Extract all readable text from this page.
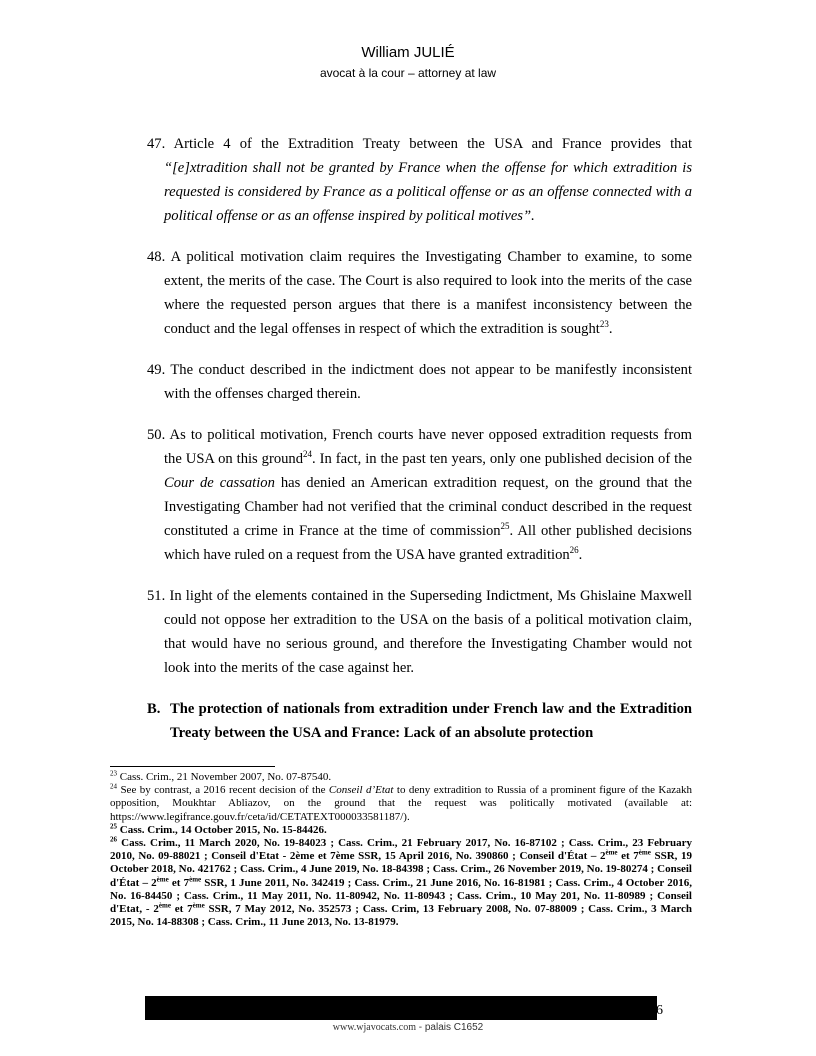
William JULIÉ
avocat à la cour – attorney at law

47. Article 4 of the Extradition Treaty between the USA and France provides that “[e]xtradition shall not be granted by France when the offense for which extradition is requested is considered by France as a political offense or as an offense connected with a political offense or as an offense inspired by political motives”.

48. A political motivation claim requires the Investigating Chamber to examine, to some extent, the merits of the case. The Court is also required to look into the merits of the case where the requested person argues that there is a manifest inconsistency between the conduct and the legal offenses in respect of which the extradition is sought$^{23}$.

49. The conduct described in the indictment does not appear to be manifestly inconsistent with the offenses charged therein.

50. As to political motivation, French courts have never opposed extradition requests from the USA on this ground$^{24}$. In fact, in the past ten years, only one published decision of the Cour de cassation has denied an American extradition request, on the ground that the Investigating Chamber had not verified that the criminal conduct described in the request constituted a crime in France at the time of commission$^{25}$. All other published decisions which have ruled on a request from the USA have granted extradition$^{26}$.

51. In light of the elements contained in the Superseding Indictment, Ms Ghislaine Maxwell could not oppose her extradition to the USA on the basis of a political motivation claim, that would have no serious ground, and therefore the Investigating Chamber would not look into the merits of the case against her.

B. The protection of nationals from extradition under French law and the Extradition Treaty between the USA and France: Lack of an absolute protection

$^{23}$ Cass. Crim., 21 November 2007, No. 07-87540.

$^{24}$ See by contrast, a 2016 recent decision of the Conseil d’Etat to deny extradition to Russia of a prominent figure of the Kazakh opposition, Moukhtar Abliazov, on the ground that the request was politically motivated (available at: https://www.legifrance.gouv.fr/ceta/id/CETATEXT000033581187/).

$^{25}$ Cass. Crim., 14 October 2015, No. 15-84426.

$^{26}$ Cass. Crim., 11 March 2020, No. 19-84023 ; Cass. Crim., 21 February 2017, No. 16-87102 ; Cass. Crim., 23 February 2010, No. 09-88021 ; Conseil d'Etat - 2ème et 7ème SSR, 15 April 2016, No. 390860 ; Conseil d'État – 2ème et 7ème SSR, 19 October 2018, No. 421762 ; Cass. Crim., 4 June 2019, No. 18-84398 ; Cass. Crim., 26 November 2019, No. 19-80274 ; Conseil d'État – 2ème et 7ème SSR, 1 June 2011, No. 342419 ; Cass. Crim., 21 June 2016, No. 16-81981 ; Cass. Crim., 4 October 2016, No. 16-84450 ; Cass. Crim., 11 May 2011, No. 11-80942, No. 11-80943 ; Cass. Crim., 10 May 201, No. 11-80989 ; Conseil d'Etat, - 2ème et 7ème SSR, 7 May 2012, No. 352573 ; Cass. Crim, 13 February 2008, No. 07-88009 ; Cass. Crim., 3 March 2015, No. 14-88308 ; Cass. Crim., 11 June 2013, No. 13-81979.

16
www.wjavocats.com - palais C1652
